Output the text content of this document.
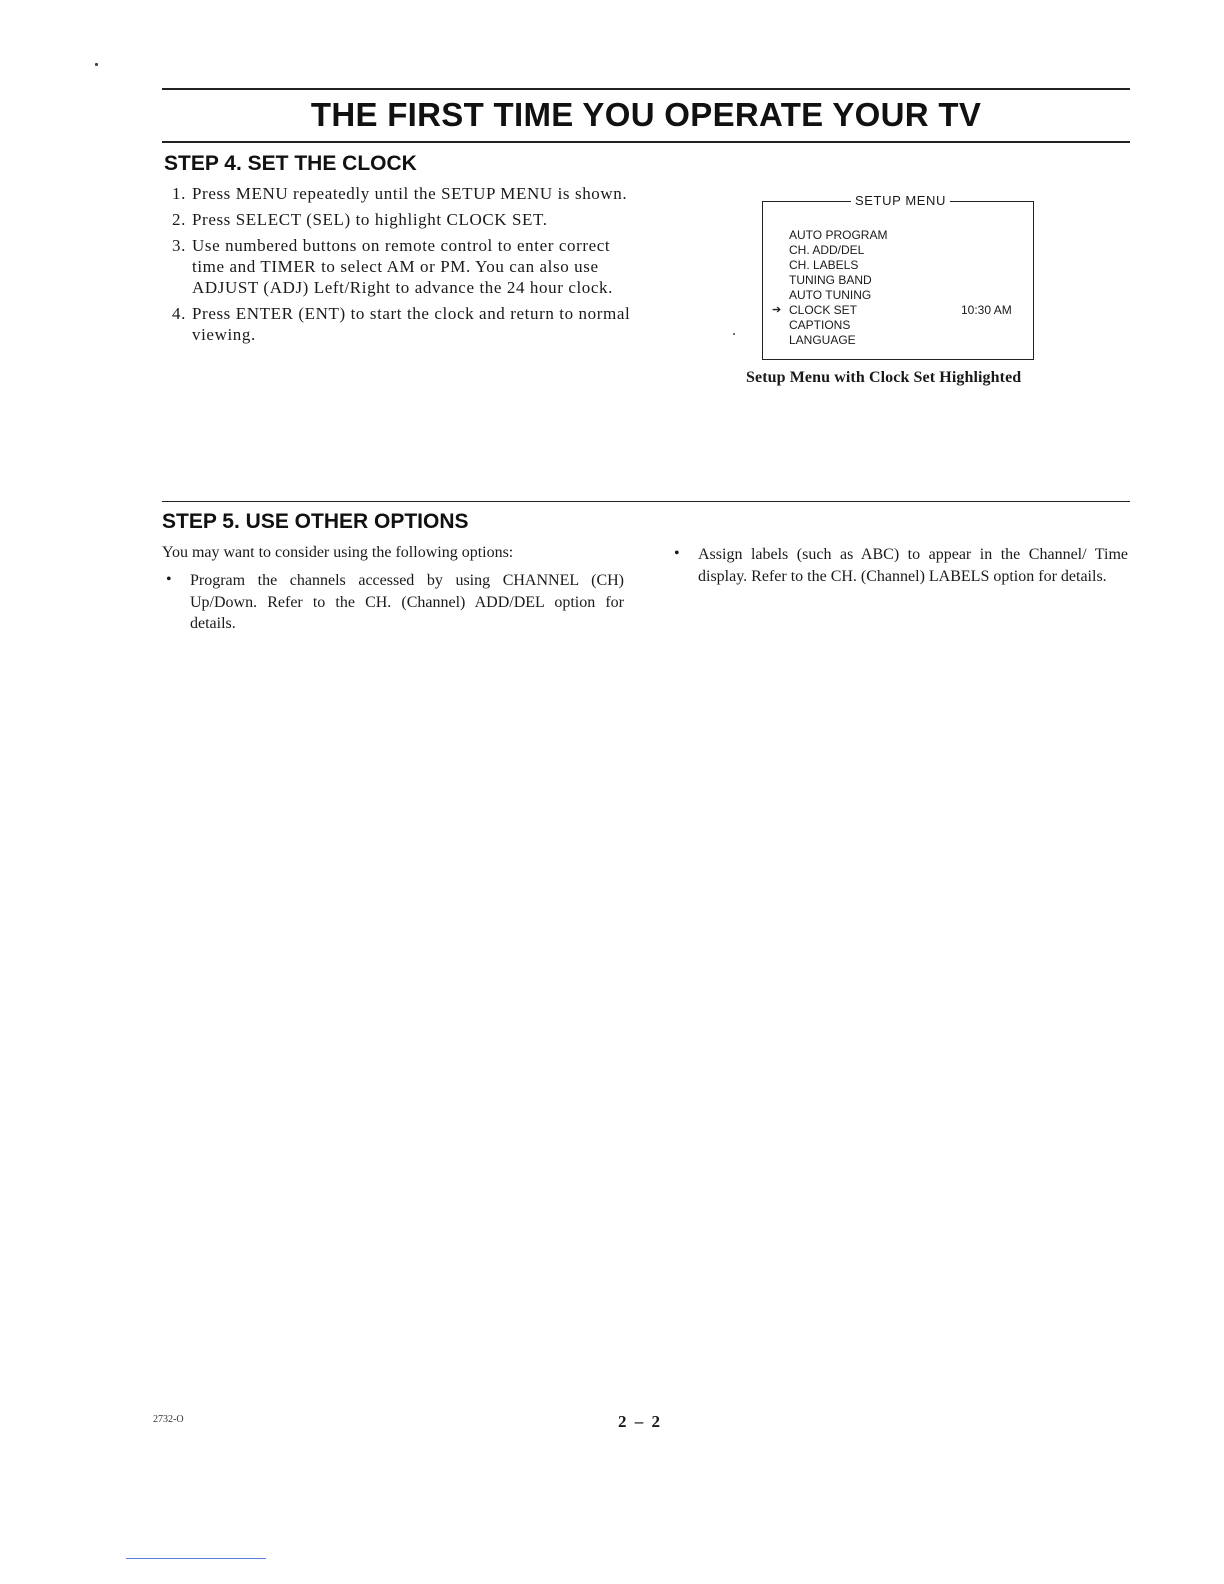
THE FIRST TIME YOU OPERATE YOUR TV
STEP 4. SET THE CLOCK
1. Press MENU repeatedly until the SETUP MENU is shown.
2. Press SELECT (SEL) to highlight CLOCK SET.
3. Use numbered buttons on remote control to enter correct time and TIMER to select AM or PM. You can also use ADJUST (ADJ) Left/Right to advance the 24 hour clock.
4. Press ENTER (ENT) to start the clock and return to normal viewing.
SETUP MENU
AUTO PROGRAM
CH. ADD/DEL
CH. LABELS
TUNING BAND
AUTO TUNING
➔ CLOCK SET	10:30 AM
CAPTIONS
LANGUAGE

Setup Menu with Clock Set Highlighted

STEP 5. USE OTHER OPTIONS

You may want to consider using the following options:

• Program the channels accessed by using CHANNEL (CH) Up/Down. Refer to the CH. (Channel) ADD/DEL option for details.
• Assign labels (such as ABC) to appear in the Channel/ Time display. Refer to the CH. (Channel) LABELS option for details.
2732-O	2 – 2
